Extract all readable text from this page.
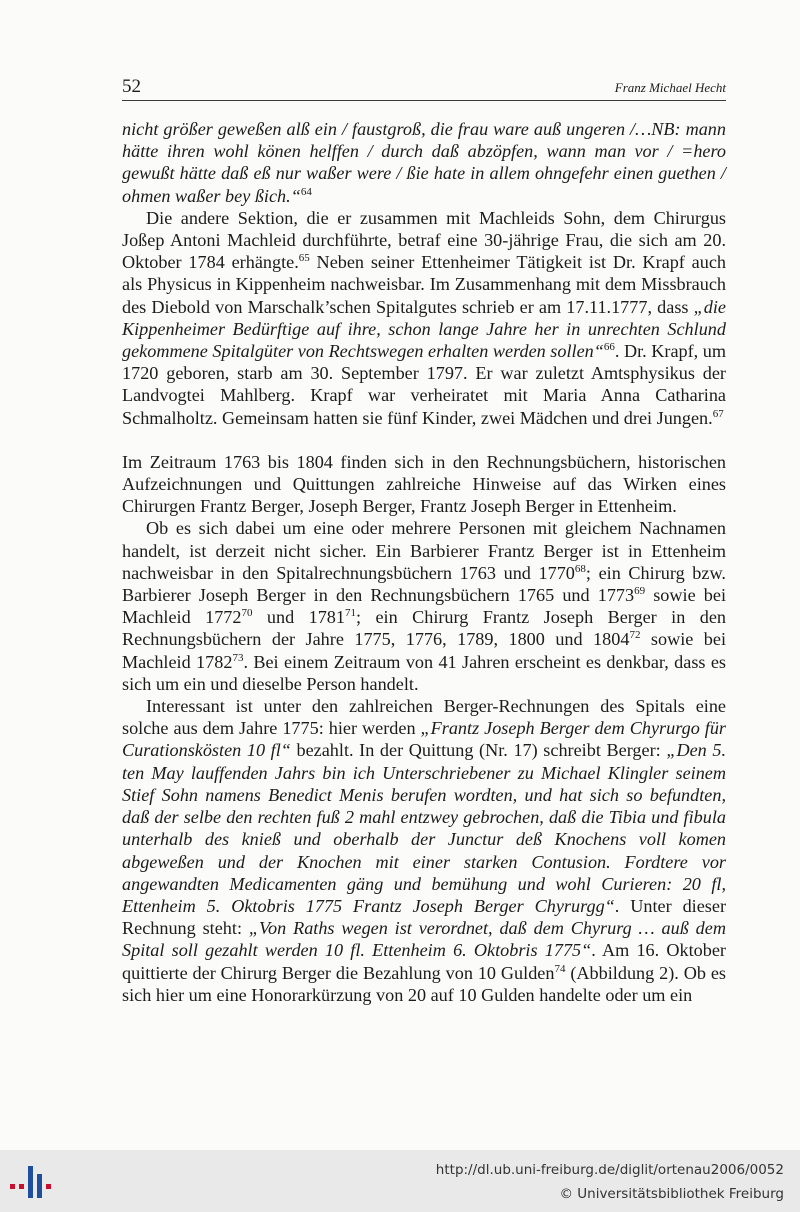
52	Franz Michael Hecht

nicht größer geweßen alß ein / faustgroß, die frau ware auß ungeren /…NB: mann hätte ihren wohl könen helffen / durch daß abzöpfen, wann man vor / =hero gewußt hätte daß eß nur waßer were / ßie hate in allem ohngefehr einen guethen / ohmen waßer bey ßich.“$^{64}$

Die andere Sektion, die er zusammen mit Machleids Sohn, dem Chirurgus Joßep Antoni Machleid durchführte, betraf eine 30-jährige Frau, die sich am 20. Oktober 1784 erhängte.$^{65}$ Neben seiner Ettenheimer Tätigkeit ist Dr. Krapf auch als Physicus in Kippenheim nachweisbar. Im Zusammenhang mit dem Missbrauch des Diebold von Marschalk’schen Spitalgutes schrieb er am 17.11.1777, dass „die Kippenheimer Bedürftige auf ihre, schon lange Jahre her in unrechten Schlund gekommene Spitalgüter von Rechtswegen erhalten werden sollen“$^{66}$. Dr. Krapf, um 1720 geboren, starb am 30. September 1797. Er war zuletzt Amtsphysikus der Landvogtei Mahlberg. Krapf war verheiratet mit Maria Anna Catharina Schmalholtz. Gemeinsam hatten sie fünf Kinder, zwei Mädchen und drei Jungen.$^{67}$

Im Zeitraum 1763 bis 1804 finden sich in den Rechnungsbüchern, historischen Aufzeichnungen und Quittungen zahlreiche Hinweise auf das Wirken eines Chirurgen Frantz Berger, Joseph Berger, Frantz Joseph Berger in Ettenheim.

Ob es sich dabei um eine oder mehrere Personen mit gleichem Nachnamen handelt, ist derzeit nicht sicher. Ein Barbierer Frantz Berger ist in Ettenheim nachweisbar in den Spitalrechnungsbüchern 1763 und 1770$^{68}$; ein Chirurg bzw. Barbierer Joseph Berger in den Rechnungsbüchern 1765 und 1773$^{69}$ sowie bei Machleid 1772$^{70}$ und 1781$^{71}$; ein Chirurg Frantz Joseph Berger in den Rechnungsbüchern der Jahre 1775, 1776, 1789, 1800 und 1804$^{72}$ sowie bei Machleid 1782$^{73}$. Bei einem Zeitraum von 41 Jahren erscheint es denkbar, dass es sich um ein und dieselbe Person handelt.

Interessant ist unter den zahlreichen Berger-Rechnungen des Spitals eine solche aus dem Jahre 1775: hier werden „Frantz Joseph Berger dem Chyrurgo für Curationskösten 10 fl“ bezahlt. In der Quittung (Nr. 17) schreibt Berger: „Den 5. ten May lauffenden Jahrs bin ich Unterschriebener zu Michael Klingler seinem Stief Sohn namens Benedict Menis berufen wordten, und hat sich so befundten, daß der selbe den rechten fuß 2 mahl entzwey gebrochen, daß die Tibia und fibula unterhalb des knieß und oberhalb der Junctur deß Knochens voll komen abgeweßen und der Knochen mit einer starken Contusion. Fordtere vor angewandten Medicamenten gäng und bemühung und wohl Curieren: 20 fl, Ettenheim 5. Oktobris 1775 Frantz Joseph Berger Chyrurgg“. Unter dieser Rechnung steht: „Von Raths wegen ist verordnet, daß dem Chyrurg … auß dem Spital soll gezahlt werden 10 fl. Ettenheim 6. Oktobris 1775“. Am 16. Oktober quittierte der Chirurg Berger die Bezahlung von 10 Gulden$^{74}$ (Abbildung 2). Ob es sich hier um eine Honorarkürzung von 20 auf 10 Gulden handelte oder um ein

http://dl.ub.uni-freiburg.de/diglit/ortenau2006/0052
© Universitätsbibliothek Freiburg
